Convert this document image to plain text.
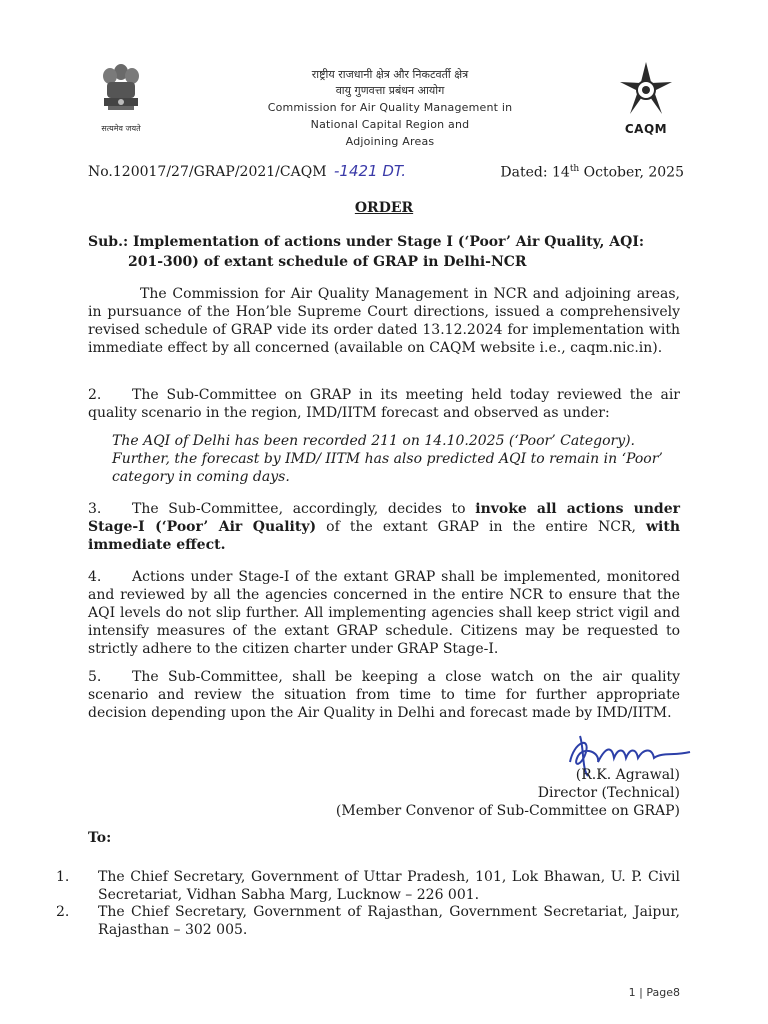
सत्यमेव जयते
राष्ट्रीय राजधानी क्षेत्र और निकटवर्ती क्षेत्र
वायु गुणवत्ता प्रबंधन आयोग
Commission for Air Quality Management in
National Capital Region and
Adjoining Areas
CAQM
No.120017/27/GRAP/2021/CAQM -1421 DT.	Dated: 14th October, 2025
ORDER
Sub.: Implementation of actions under Stage I (‘Poor’ Air Quality, AQI:
201-300) of extant schedule of GRAP in Delhi-NCR
The Commission for Air Quality Management in NCR and adjoining areas, in pursuance of the Hon’ble Supreme Court directions, issued a comprehensively revised schedule of GRAP vide its order dated 13.12.2024 for implementation with immediate effect by all concerned (available on CAQM website i.e., caqm.nic.in).
2. The Sub-Committee on GRAP in its meeting held today reviewed the air quality scenario in the region, IMD/IITM forecast and observed as under:
The AQI of Delhi has been recorded 211 on 14.10.2025 (‘Poor’ Category). Further, the forecast by IMD/ IITM has also predicted AQI to remain in ‘Poor’ category in coming days.
3. The Sub-Committee, accordingly, decides to invoke all actions under Stage-I (‘Poor’ Air Quality) of the extant GRAP in the entire NCR, with immediate effect.
4. Actions under Stage-I of the extant GRAP shall be implemented, monitored and reviewed by all the agencies concerned in the entire NCR to ensure that the AQI levels do not slip further. All implementing agencies shall keep strict vigil and intensify measures of the extant GRAP schedule. Citizens may be requested to strictly adhere to the citizen charter under GRAP Stage-I.
5. The Sub-Committee, shall be keeping a close watch on the air quality scenario and review the situation from time to time for further appropriate decision depending upon the Air Quality in Delhi and forecast made by IMD/IITM.
(R.K. Agrawal)
Director (Technical)
(Member Convenor of Sub-Committee on GRAP)
To:
1. The Chief Secretary, Government of Uttar Pradesh, 101, Lok Bhawan, U. P. Civil Secretariat, Vidhan Sabha Marg, Lucknow – 226 001.
2. The Chief Secretary, Government of Rajasthan, Government Secretariat, Jaipur, Rajasthan – 302 005.
1 | Page8
